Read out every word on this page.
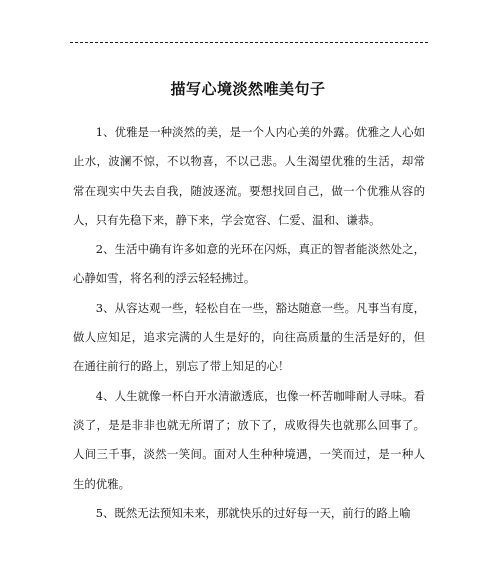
描写心境淡然唯美句子

1、优雅是一种淡然的美，是一个人内心美的外露。优雅之人心如止水，波澜不惊，不以物喜，不以己悲。人生渴望优雅的生活，却常常在现实中失去自我，随波逐流。要想找回自己，做一个优雅从容的人，只有先稳下来，静下来，学会宽容、仁爱、温和、谦恭。

2、生活中确有许多如意的光环在闪烁，真正的智者能淡然处之，心静如雪，将名利的浮云轻轻拂过。

3、从容达观一些，轻松自在一些，豁达随意一些。凡事当有度，做人应知足，追求完满的人生是好的，向往高质量的生活是好的，但在通往前行的路上，别忘了带上知足的心！

4、人生就像一杯白开水清澈透底，也像一杯苦咖啡耐人寻味。看淡了，是是非非也就无所谓了；放下了，成败得失也就那么回事了。人间三千事，淡然一笑间。面对人生种种境遇，一笑而过，是一种人生的优雅。

5、既然无法预知未来，那就快乐的过好每一天，前行的路上喻
